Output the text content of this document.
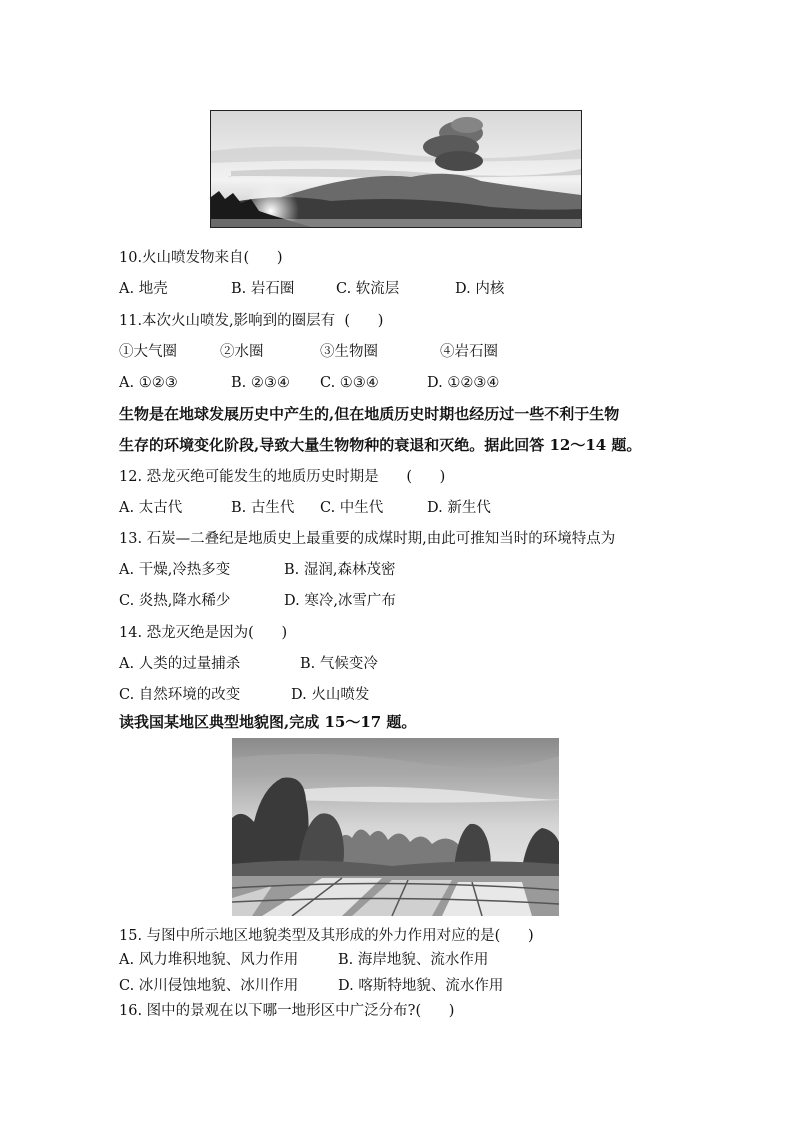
10.火山喷发物来自(      )
A. 地壳	B. 岩石圈	C. 软流层	D. 内核
11.本次火山喷发,影响到的圈层有  (      )
①大气圈	②水圈	③生物圈	④岩石圈
A. ①②③	B. ②③④ C. ①③④	D. ①②③④
生物是在地球发展历史中产生的,但在地质历史时期也经历过一些不利于生物
生存的环境变化阶段,导致大量生物物种的衰退和灭绝。据此回答 12～14 题。
12. 恐龙灭绝可能发生的地质历史时期是      (      )
A. 太古代	B. 古生代 C. 中生代	D. 新生代
13. 石炭—二叠纪是地质史上最重要的成煤时期,由此可推知当时的环境特点为
A. 干燥,冷热多变	B. 湿润,森林茂密
C. 炎热,降水稀少	D. 寒冷,冰雪广布
14. 恐龙灭绝是因为(      )
A. 人类的过量捕杀	B. 气候变冷
C. 自然环境的改变	D. 火山喷发
读我国某地区典型地貌图,完成 15～17 题。
15. 与图中所示地区地貌类型及其形成的外力作用对应的是(      )
A. 风力堆积地貌、风力作用	B. 海岸地貌、流水作用
C. 冰川侵蚀地貌、冰川作用	D. 喀斯特地貌、流水作用
16. 图中的景观在以下哪一地形区中广泛分布?(      )
